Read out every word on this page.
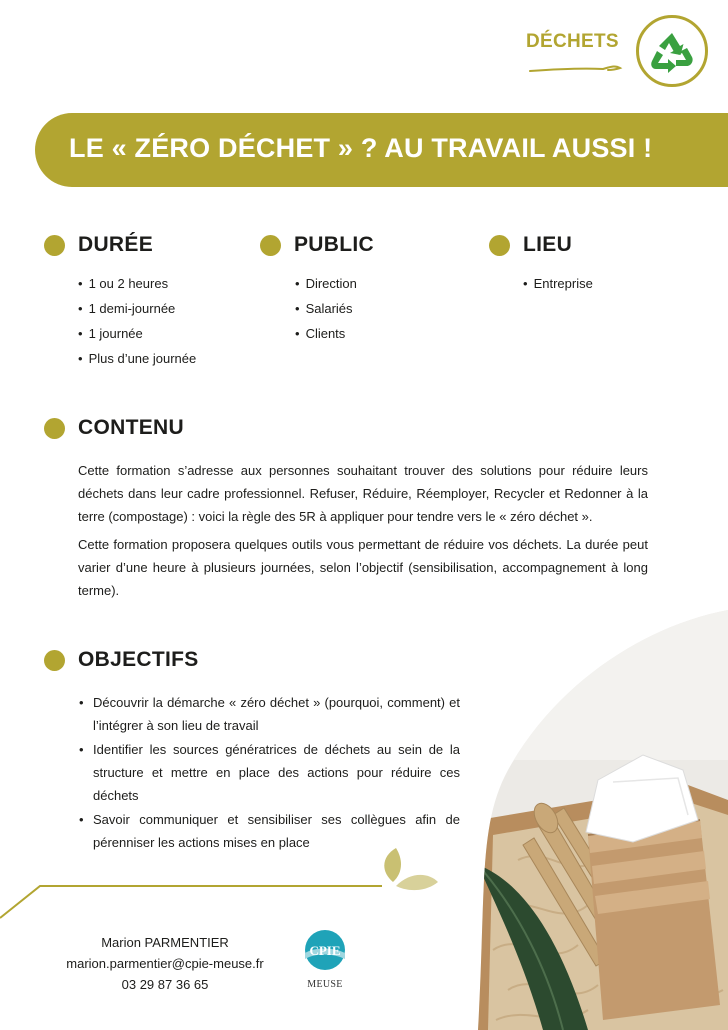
DÉCHETS
LE « ZÉRO DÉCHET » ? AU TRAVAIL AUSSI !
DURÉE
• 1 ou 2 heures
• 1 demi-journée
• 1 journée
• Plus d’une journée
PUBLIC
• Direction
• Salariés
• Clients
LIEU
• Entreprise
CONTENU

Cette formation s’adresse aux personnes souhaitant trouver des solutions pour réduire leurs déchets dans leur cadre professionnel. Refuser, Réduire, Réemployer, Recycler et Redonner à la terre (compostage) : voici la règle des 5R à appliquer pour tendre vers le « zéro déchet ».

Cette formation proposera quelques outils vous permettant de réduire vos déchets. La durée peut varier d’une heure à plusieurs journées, selon l’objectif (sensibilisation, accompagnement à long terme).

OBJECTIFS
• Découvrir la démarche « zéro déchet » (pourquoi, comment) et l’intégrer à son lieu de travail
• Identifier les sources génératrices de déchets au sein de la structure et mettre en place des actions pour réduire ces déchets
• Savoir communiquer et sensibiliser ses collègues afin de pérenniser les actions mises en place
Marion PARMENTIER
marion.parmentier@cpie-meuse.fr
03 29 87 36 65
CPIE
MEUSE
